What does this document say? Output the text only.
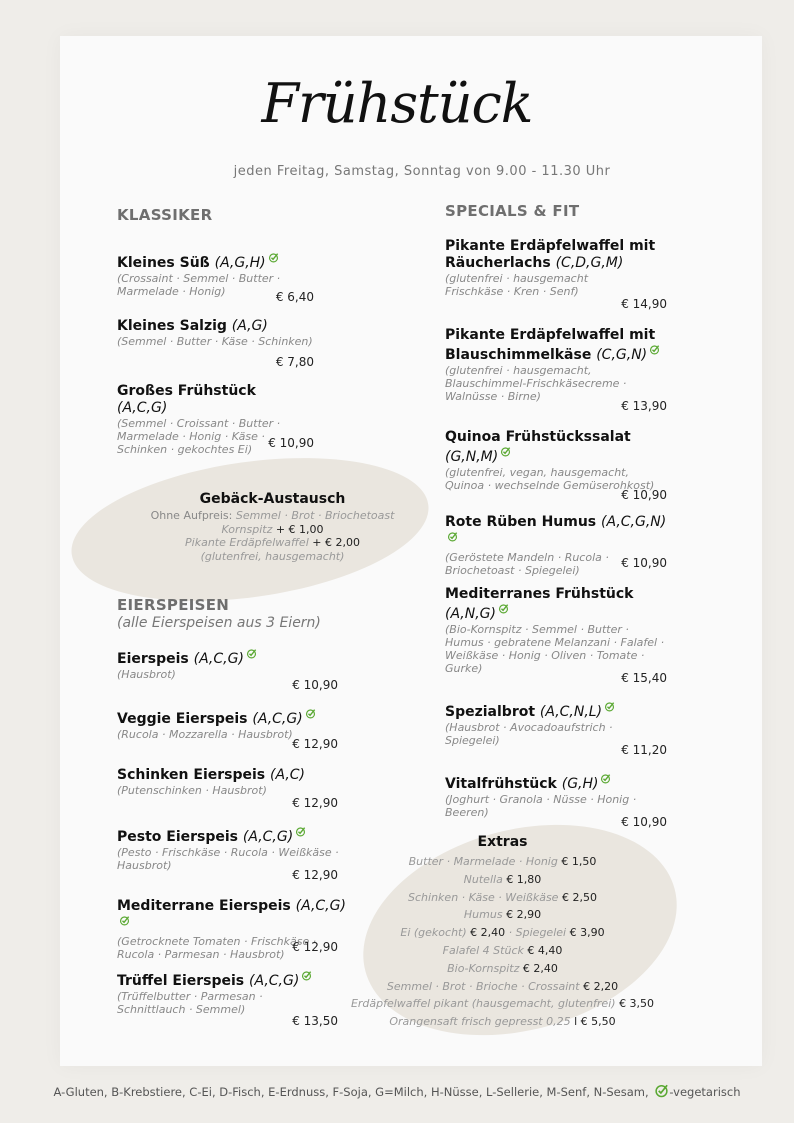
Frühstück
jeden Freitag, Samstag, Sonntag von 9.00 - 11.30 Uhr
KLASSIKER
Kleines Süß (A,G,H)
(Crossaint · Semmel · Butter · Marmelade · Honig)	€ 6,40
Kleines Salzig (A,G)
(Semmel · Butter · Käse · Schinken)
€ 7,80
Großes Frühstück (A,C,G)
(Semmel · Croissant · Butter · Marmelade · Honig · Käse · Schinken · gekochtes Ei)	€ 10,90
Gebäck-Austausch
Ohne Aufpreis: Semmel · Brot · Briochetoast
Kornspitz + € 1,00
Pikante Erdäpfelwaffel + € 2,00
(glutenfrei, hausgemacht)
EIERSPEISEN
(alle Eierspeisen aus 3 Eiern)
Eierspeis (A,C,G)
(Hausbrot)
€ 10,90
Veggie Eierspeis (A,C,G)
(Rucola · Mozzarella · Hausbrot)
€ 12,90
Schinken Eierspeis (A,C)
(Putenschinken · Hausbrot)
€ 12,90
Pesto Eierspeis (A,C,G)
(Pesto · Frischkäse · Rucola · Weißkäse · Hausbrot)
€ 12,90
Mediterrane Eierspeis (A,C,G)
(Getrocknete Tomaten · Frischkäse · Rucola · Parmesan · Hausbrot)
€ 12,90
Trüffel Eierspeis (A,C,G)
(Trüffelbutter · Parmesan · Schnittlauch · Semmel)
€ 13,50
SPECIALS & FIT
Pikante Erdäpfelwaffel mit Räucherlachs (C,D,G,M)
(glutenfrei · hausgemacht Frischkäse · Kren · Senf)
€ 14,90
Pikante Erdäpfelwaffel mit Blauschimmelkäse (C,G,N)
(glutenfrei · hausgemacht, Blauschimmel-Frischkäsecreme · Walnüsse · Birne)
€ 13,90
Quinoa Frühstückssalat (G,N,M)
(glutenfrei, vegan, hausgemacht, Quinoa · wechselnde Gemüserohkost)
€ 10,90
Rote Rüben Humus (A,C,G,N)
(Geröstete Mandeln · Rucola · Briochetoast · Spiegelei)
€ 10,90
Mediterranes Frühstück (A,N,G)
(Bio-Kornspitz · Semmel · Butter · Humus · gebratene Melanzani · Falafel · Weißkäse · Honig · Oliven · Tomate · Gurke)
€ 15,40
Spezialbrot (A,C,N,L)
(Hausbrot · Avocadoaufstrich · Spiegelei)
€ 11,20
Vitalfrühstück (G,H)
(Joghurt · Granola · Nüsse · Honig · Beeren)
€ 10,90
Extras
Butter · Marmelade · Honig € 1,50
Nutella € 1,80
Schinken · Käse · Weißkäse € 2,50
Humus € 2,90
Ei (gekocht) € 2,40 · Spiegelei € 3,90
Falafel 4 Stück € 4,40
Bio-Kornspitz € 2,40
Semmel · Brot · Brioche · Crossaint € 2,20
Erdäpfelwaffel pikant (hausgemacht, glutenfrei) € 3,50
Orangensaft frisch gepresst 0,25 l € 5,50
A-Gluten, B-Krebstiere, C-Ei, D-Fisch, E-Erdnuss, F-Soja, G=Milch, H-Nüsse, L-Sellerie, M-Senf, N-Sesam, -vegetarisch
